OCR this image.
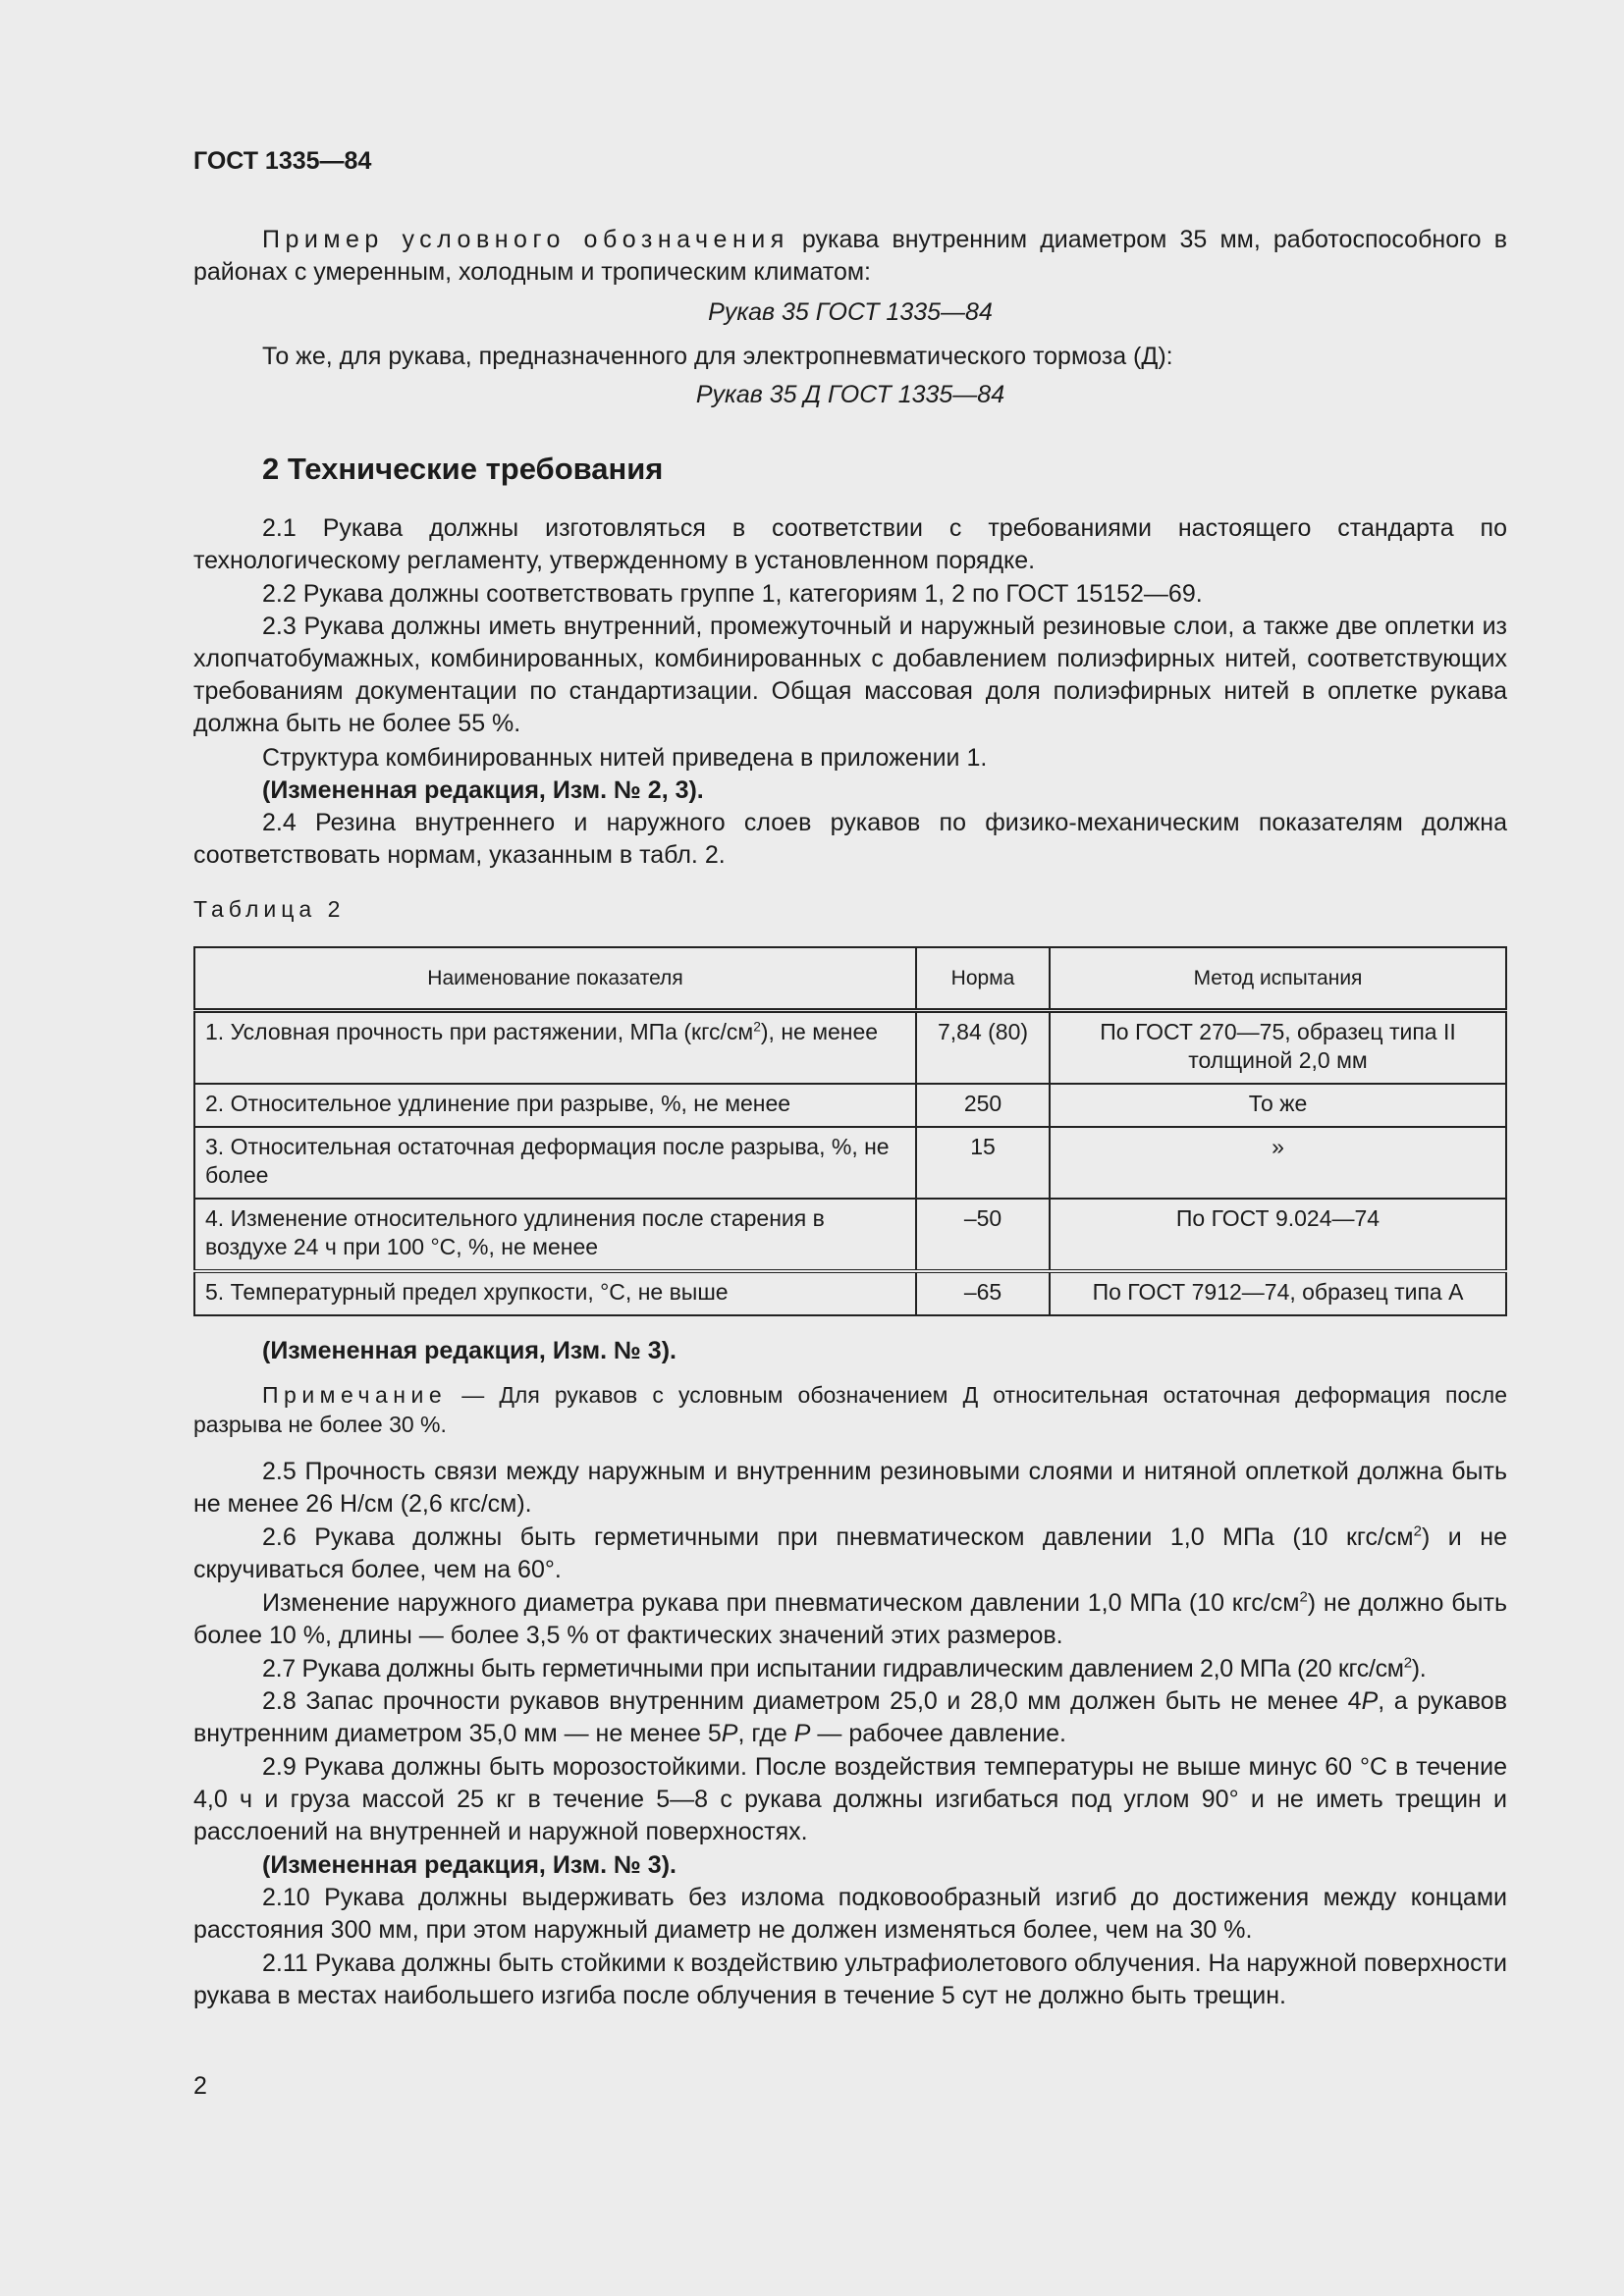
ГОСТ 1335—84

Пример условного обозначения рукава внутренним диаметром 35 мм, работоспособного в районах с умеренным, холодным и тропическим климатом:

Рукав 35 ГОСТ 1335—84

То же, для рукава, предназначенного для электропневматического тормоза (Д):

Рукав 35 Д ГОСТ 1335—84

2 Технические требования

2.1 Рукава должны изготовляться в соответствии с требованиями настоящего стандарта по технологическому регламенту, утвержденному в установленном порядке.

2.2 Рукава должны соответствовать группе 1, категориям 1, 2 по ГОСТ 15152—69.

2.3 Рукава должны иметь внутренний, промежуточный и наружный резиновые слои, а также две оплетки из хлопчатобумажных, комбинированных, комбинированных с добавлением полиэфирных нитей, соответствующих требованиям документации по стандартизации. Общая массовая доля полиэфирных нитей в оплетке рукава должна быть не более 55 %.

Структура комбинированных нитей приведена в приложении 1.

(Измененная редакция, Изм. № 2, 3).

2.4 Резина внутреннего и наружного слоев рукавов по физико-механическим показателям должна соответствовать нормам, указанным в табл. 2.

Таблица 2
Наименование показателя	Норма	Метод испытания
1. Условная прочность при растяжении, МПа $(кгс/см^2)$, не менее	7,84 (80)	По ГОСТ 270—75, образец типа II толщиной 2,0 мм
2. Относительное удлинение при разрыве, %, не менее	250	То же
3. Относительная остаточная деформация после разрыва, %, не более	15	»
4. Изменение относительного удлинения после старения в воздухе 24 ч при 100 °С, %, не менее	–50	По ГОСТ 9.024—74
5. Температурный предел хрупкости, °С, не выше	–65	По ГОСТ 7912—74, образец типа А

(Измененная редакция, Изм. № 3).

Примечание — Для рукавов с условным обозначением Д относительная остаточная деформация после разрыва не более 30 %.

2.5 Прочность связи между наружным и внутренним резиновыми слоями и нитяной оплеткой должна быть не менее 26 Н/см (2,6 кгс/см).

2.6 Рукава должны быть герметичными при пневматическом давлении 1,0 МПа (10 кгс/$см^2$) и не скручиваться более, чем на 60°.

Изменение наружного диаметра рукава при пневматическом давлении 1,0 МПа (10 кгс/$см^2$) не должно быть более 10 %, длины — более 3,5 % от фактических значений этих размеров.

2.7 Рукава должны быть герметичными при испытании гидравлическим давлением 2,0 МПа (20 кгс/$см^2$).

2.8 Запас прочности рукавов внутренним диаметром 25,0 и 28,0 мм должен быть не менее 4P, а рукавов внутренним диаметром 35,0 мм — не менее 5P, где P — рабочее давление.

2.9 Рукава должны быть морозостойкими. После воздействия температуры не выше минус 60 °С в течение 4,0 ч и груза массой 25 кг в течение 5—8 с рукава должны изгибаться под углом 90° и не иметь трещин и расслоений на внутренней и наружной поверхностях.

(Измененная редакция, Изм. № 3).

2.10 Рукава должны выдерживать без излома подковообразный изгиб до достижения между концами расстояния 300 мм, при этом наружный диаметр не должен изменяться более, чем на 30 %.

2.11 Рукава должны быть стойкими к воздействию ультрафиолетового облучения. На наружной поверхности рукава в местах наибольшего изгиба после облучения в течение 5 сут не должно быть трещин.

2
